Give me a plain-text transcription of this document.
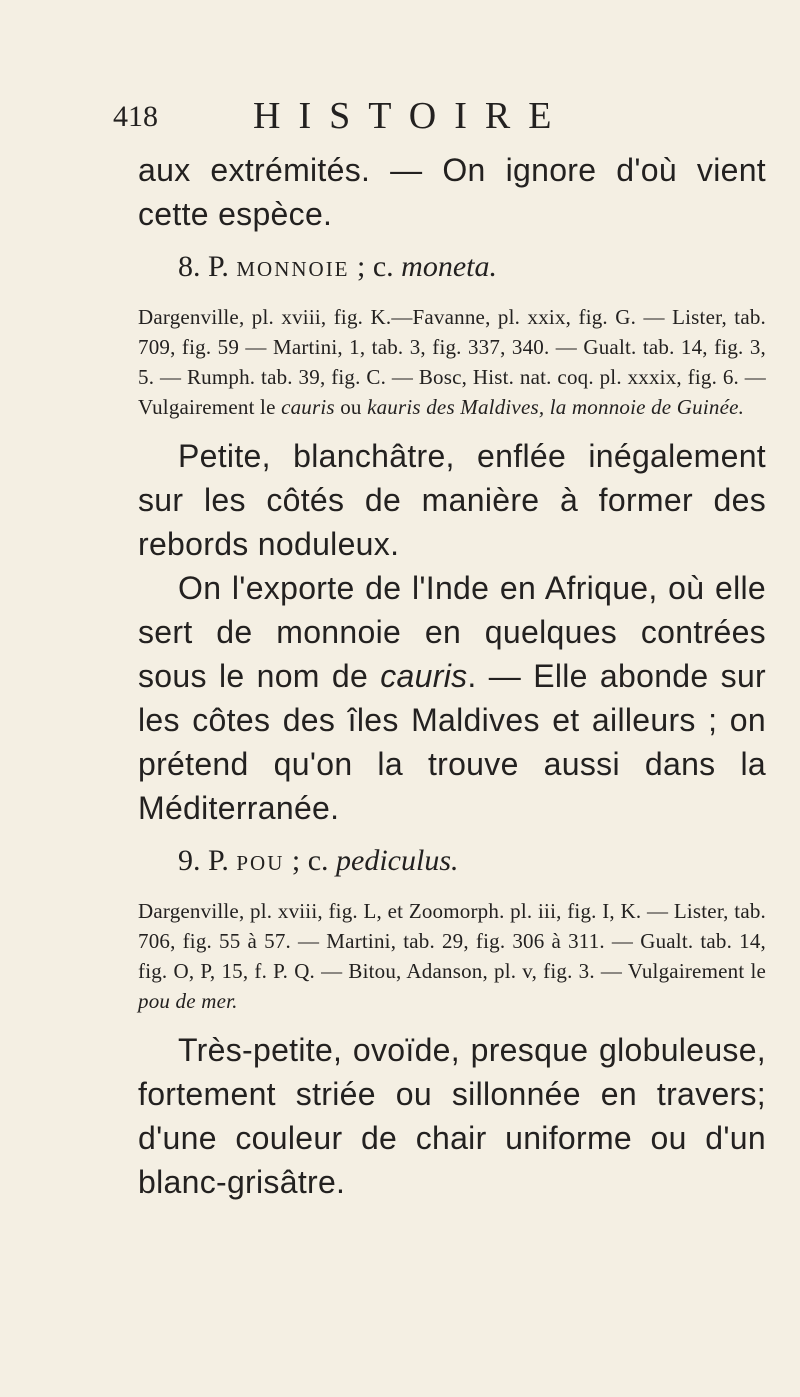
418	HISTOIRE

aux extrémités. — On ignore d'où vient cette espèce.

8. P. MONNOIE ; c. moneta.

Dargenville, pl. xviii, fig. K.—Favanne, pl. xxix, fig. G. — Lister, tab. 709, fig. 59 — Martini, 1, tab. 3, fig. 337, 340. — Gualt. tab. 14, fig. 3, 5. — Rumph. tab. 39, fig. C. — Bosc, Hist. nat. coq. pl. xxxix, fig. 6. — Vulgairement le cauris ou kauris des Maldives, la monnoie de Guinée.

Petite, blanchâtre, enflée inégalement sur les côtés de manière à former des rebords noduleux.

On l'exporte de l'Inde en Afrique, où elle sert de monnoie en quelques contrées sous le nom de cauris. — Elle abonde sur les côtes des îles Maldives et ailleurs ; on prétend qu'on la trouve aussi dans la Méditerranée.

9. P. POU ; c. pediculus.

Dargenville, pl. xviii, fig. L, et Zoomorph. pl. iii, fig. I, K. — Lister, tab. 706, fig. 55 à 57. — Martini, tab. 29, fig. 306 à 311. — Gualt. tab. 14, fig. O, P, 15, f. P. Q. — Bitou, Adanson, pl. v, fig. 3. — Vulgairement le pou de mer.

Très-petite, ovoïde, presque globuleuse, fortement striée ou sillonnée en travers; d'une couleur de chair uniforme ou d'un blanc-grisâtre.
